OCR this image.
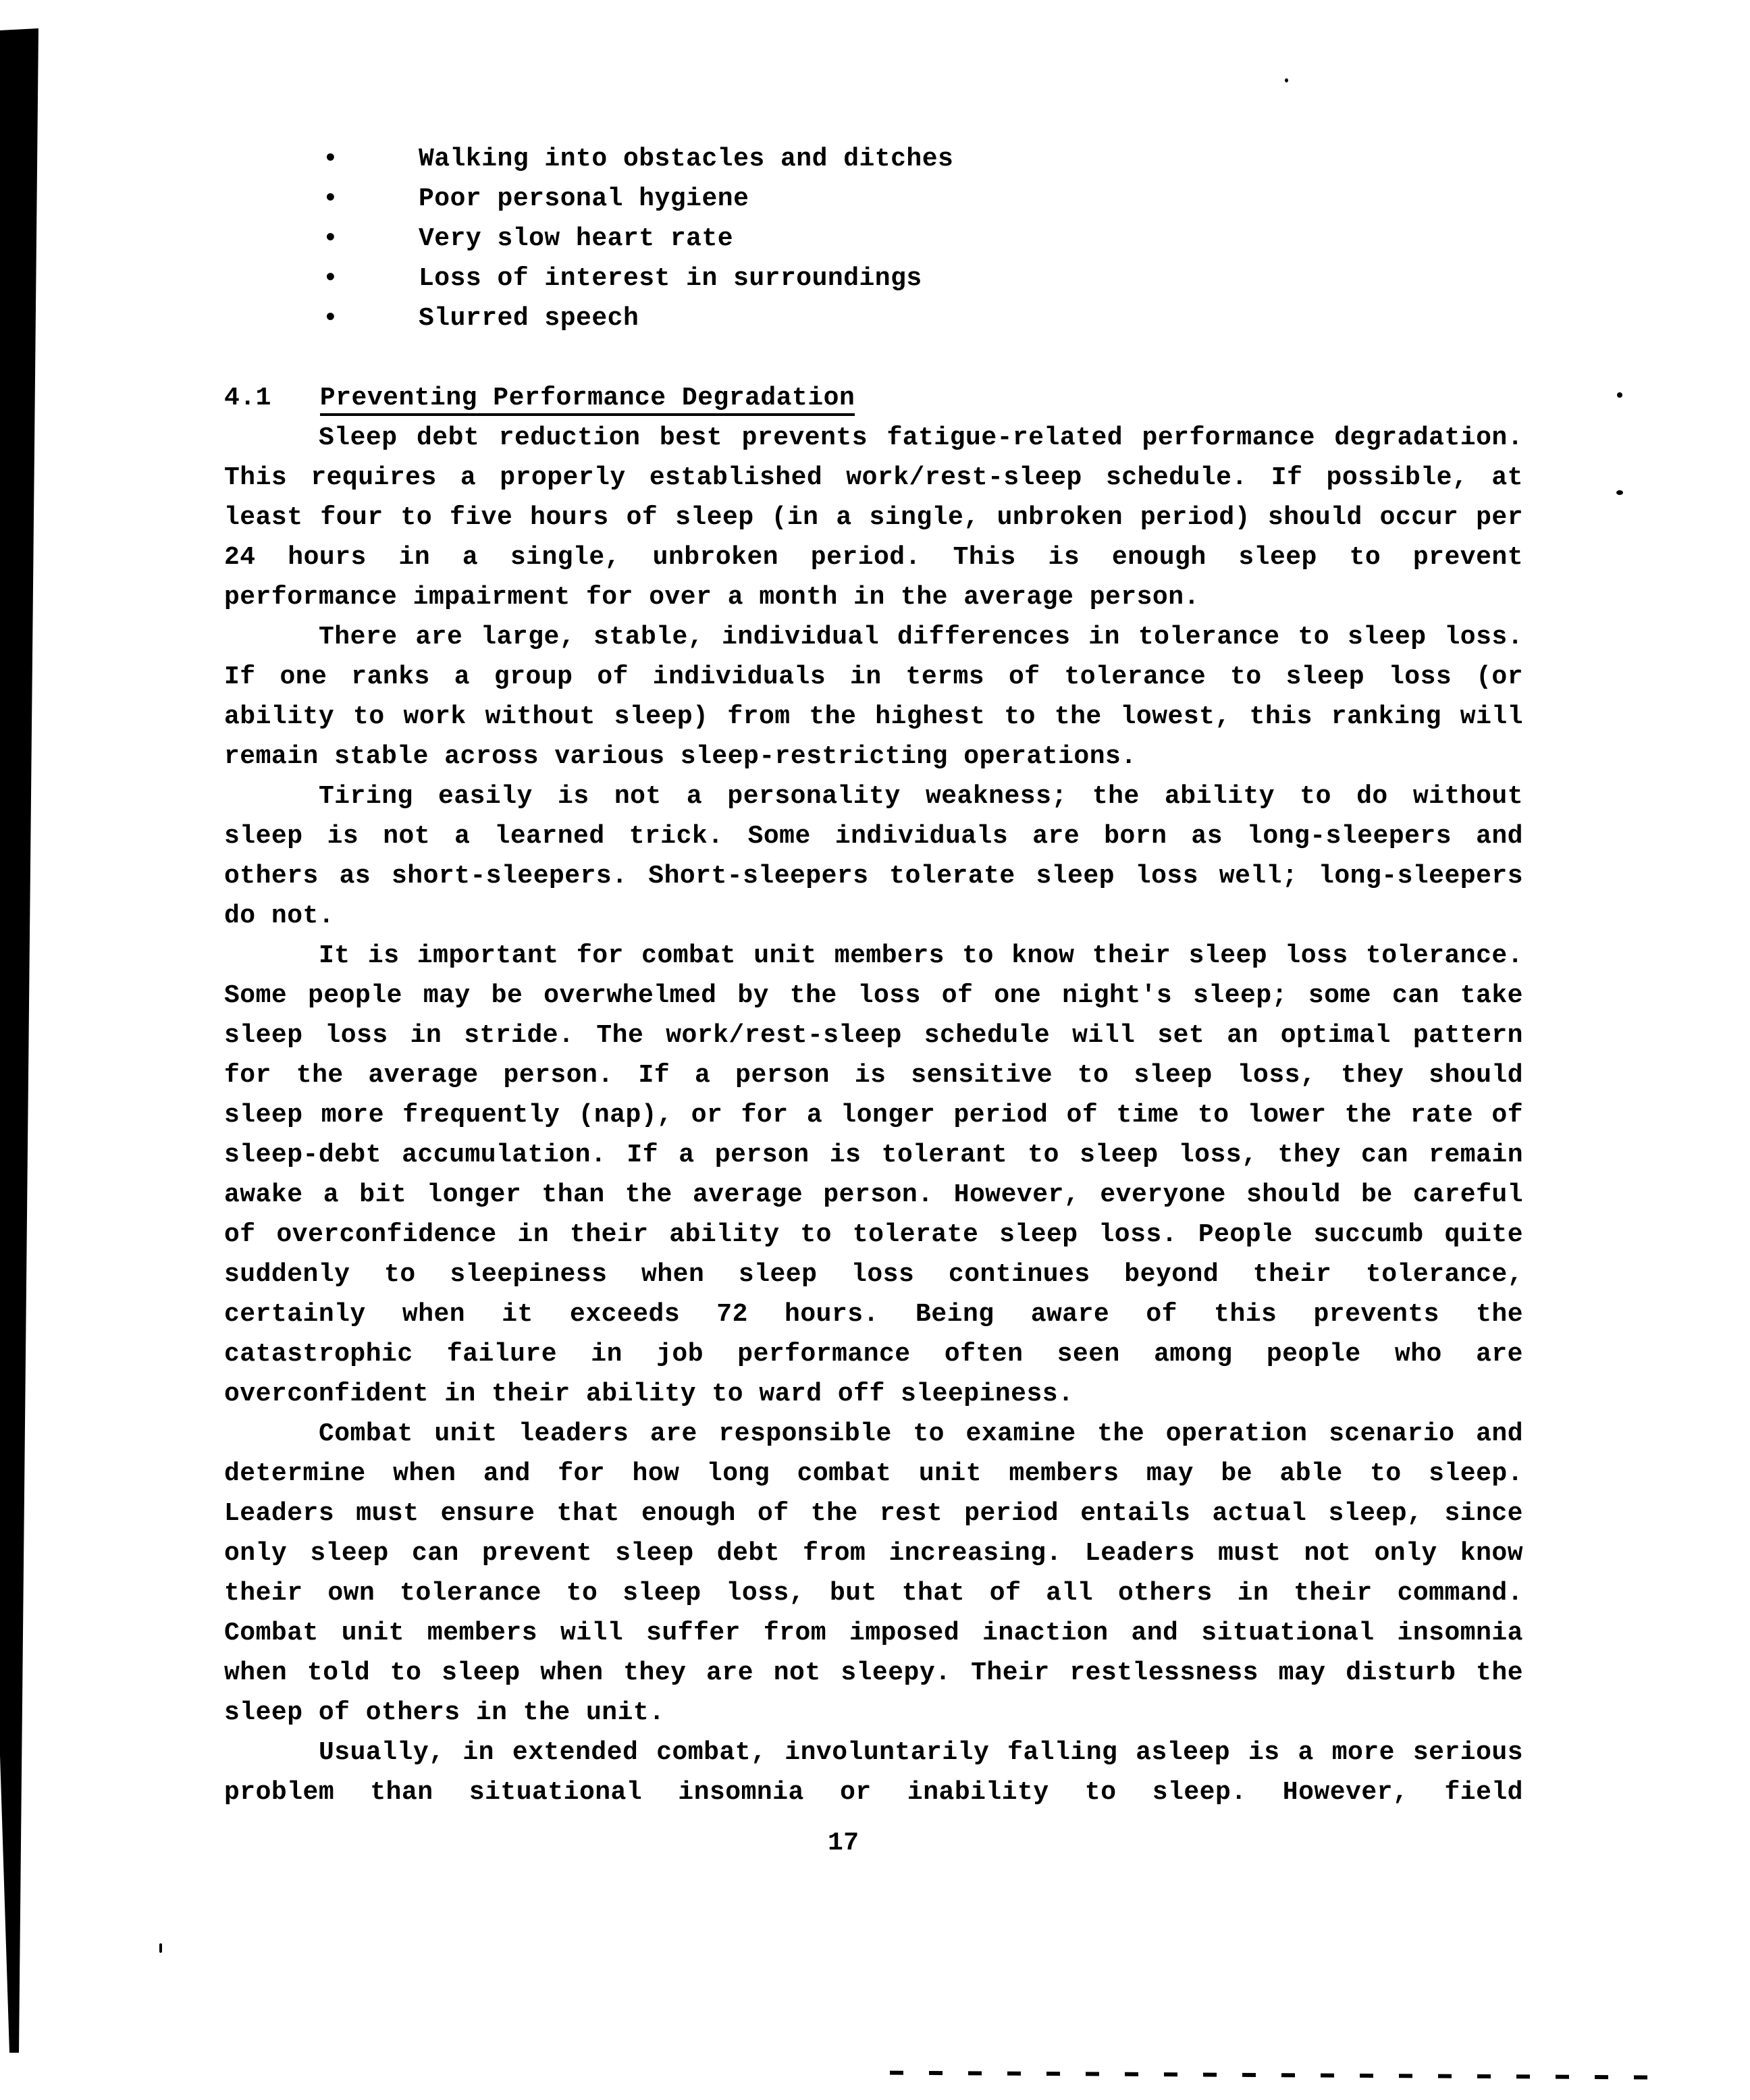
•	Walking into obstacles and ditches
•	Poor personal hygiene
•	Very slow heart rate
•	Loss of interest in surroundings
•	Slurred speech
4.1 Preventing Performance Degradation
Sleep debt reduction best prevents fatigue-related performance degradation.
This requires a properly established work/rest-sleep schedule. If possible, at
least four to five hours of sleep (in a single, unbroken period) should occur per
24 hours in a single, unbroken period. This is enough sleep to prevent
performance impairment for over a month in the average person.
There are large, stable, individual differences in tolerance to sleep loss.
If one ranks a group of individuals in terms of tolerance to sleep loss (or
ability to work without sleep) from the highest to the lowest, this ranking will
remain stable across various sleep-restricting operations.
Tiring easily is not a personality weakness; the ability to do without
sleep is not a learned trick. Some individuals are born as long-sleepers and
others as short-sleepers. Short-sleepers tolerate sleep loss well; long-sleepers
do not.
It is important for combat unit members to know their sleep loss tolerance.
Some people may be overwhelmed by the loss of one night's sleep; some can take
sleep loss in stride. The work/rest-sleep schedule will set an optimal pattern
for the average person. If a person is sensitive to sleep loss, they should
sleep more frequently (nap), or for a longer period of time to lower the rate of
sleep-debt accumulation. If a person is tolerant to sleep loss, they can remain
awake a bit longer than the average person. However, everyone should be careful
of overconfidence in their ability to tolerate sleep loss. People succumb quite
suddenly to sleepiness when sleep loss continues beyond their tolerance,
certainly when it exceeds 72 hours. Being aware of this prevents the
catastrophic failure in job performance often seen among people who are
overconfident in their ability to ward off sleepiness.
Combat unit leaders are responsible to examine the operation scenario and
determine when and for how long combat unit members may be able to sleep.
Leaders must ensure that enough of the rest period entails actual sleep, since
only sleep can prevent sleep debt from increasing. Leaders must not only know
their own tolerance to sleep loss, but that of all others in their command.
Combat unit members will suffer from imposed inaction and situational insomnia
when told to sleep when they are not sleepy. Their restlessness may disturb the
sleep of others in the unit.
Usually, in extended combat, involuntarily falling asleep is a more serious
problem than situational insomnia or inability to sleep. However, field
17
